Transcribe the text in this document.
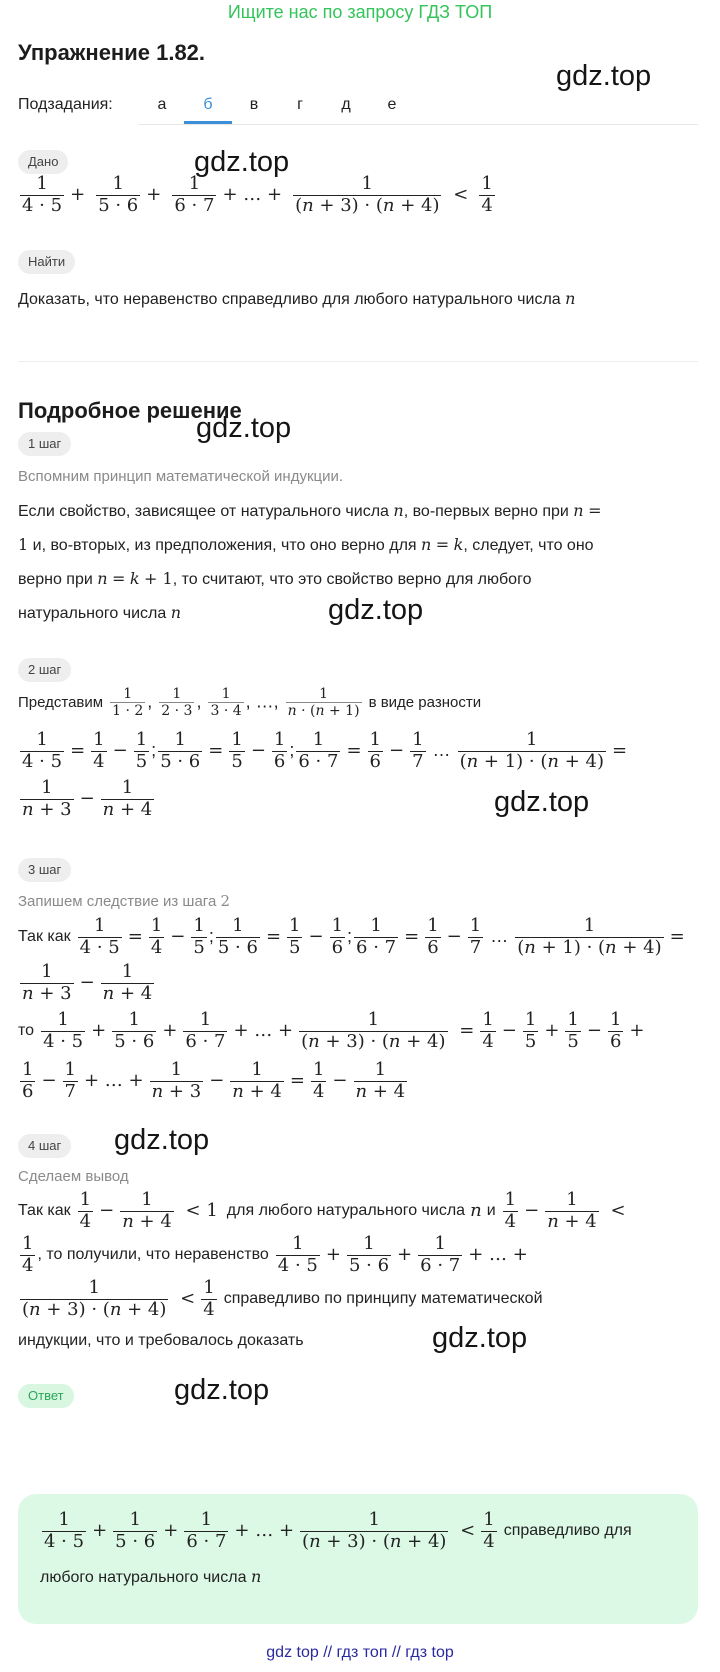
Ищите нас по запросу ГДЗ ТОП
Упражнение 1.82.
gdz.top
gdz.top
gdz.top
gdz.top
gdz.top
gdz.top
gdz.top
gdz.top
Подзадания:	а	б	в	г	д	е
Дано
$\frac{1}{4 \cdot 5} + \frac{1}{5 \cdot 6} + \frac{1}{6 \cdot 7}$ + … + $\frac{1}{(n + 3) \cdot (n + 4)} < \frac{1}{4}$
Найти
Доказать, что неравенство справедливо для любого натурального числа n
Подробное решение
1 шаг
Вспомним принцип математической индукции.
Если свойство, зависящее от натурального числа n, во-первых верно при n =
1 и, во-вторых, из предположения, что оно верно для n = k, следует, что оно
верно при n = k + 1, то считают, что это свойство верно для любого
натурального числа n
2 шаг
Представим $\frac{1}{1 \cdot 2}$ , $\frac{1}{2 \cdot 3}$ , $\frac{1}{3 \cdot 4}$ , …, $\frac{1}{n \cdot (n + 1)}$ в виде разности
$\frac{1}{4 \cdot 5} = \frac{1}{4} - \frac{1}{5}$ ; $\frac{1}{5 \cdot 6} = \frac{1}{5} - \frac{1}{6}$ ; $\frac{1}{6 \cdot 7} = \frac{1}{6} - \frac{1}{7}$ … $\frac{1}{(n + 1) \cdot (n + 4)}$ =
$\frac{1}{n + 3} - \frac{1}{n + 4}$
3 шаг
Запишем следствие из шага 2
Так как $\frac{1}{4 \cdot 5} = \frac{1}{4} - \frac{1}{5}$ ; $\frac{1}{5 \cdot 6} = \frac{1}{5} - \frac{1}{6}$ ; $\frac{1}{6 \cdot 7} = \frac{1}{6} - \frac{1}{7}$ … $\frac{1}{(n + 1) \cdot (n + 4)}$ =
$\frac{1}{n + 3} - \frac{1}{n + 4}$
то $\frac{1}{4 \cdot 5} + \frac{1}{5 \cdot 6} + \frac{1}{6 \cdot 7}$ + … + $\frac{1}{(n + 3) \cdot (n + 4)} = \frac{1}{4} - \frac{1}{5} + \frac{1}{5} - \frac{1}{6}$ +
$\frac{1}{6} - \frac{1}{7}$ + … + $\frac{1}{n + 3} - \frac{1}{n + 4} = \frac{1}{4} - \frac{1}{n + 4}$
4 шаг
Сделаем вывод
Так как $\frac{1}{4} - \frac{1}{n + 4} < 1$ для любого натурального числа n и $\frac{1}{4} - \frac{1}{n + 4}$ <
$\frac{1}{4}$ , то получили, что неравенство $\frac{1}{4 \cdot 5} + \frac{1}{5 \cdot 6} + \frac{1}{6 \cdot 7}$ + … +
$\frac{1}{(n + 3) \cdot (n + 4)} < \frac{1}{4}$ справедливо по принципу математической
индукции, что и требовалось доказать
Ответ
$\frac{1}{4 \cdot 5} + \frac{1}{5 \cdot 6} + \frac{1}{6 \cdot 7}$ + … + $\frac{1}{(n + 3) \cdot (n + 4)} < \frac{1}{4}$ справедливо для
любого натурального числа n
gdz top // гдз топ // гдз top
